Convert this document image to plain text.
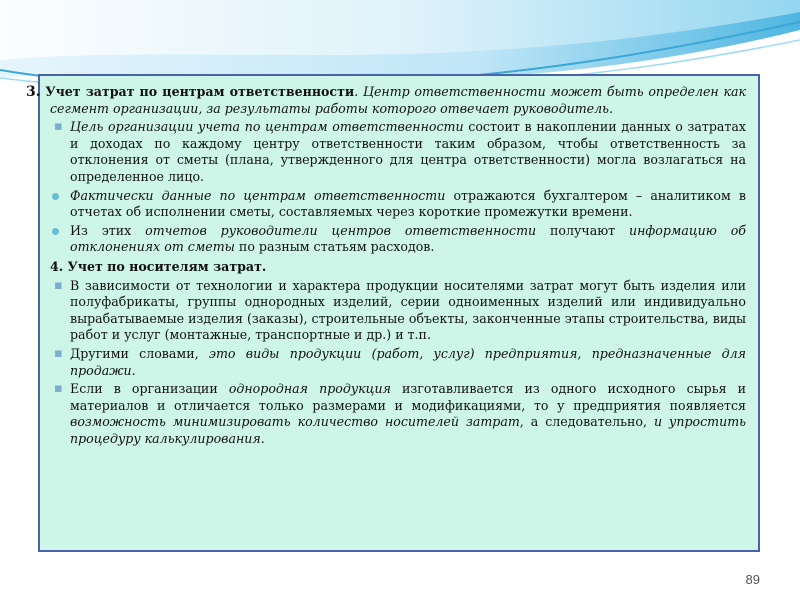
3. Учет затрат по центрам ответственности. Центр ответственности может быть определен как сегмент организации, за результаты работы которого отвечает руководитель.

▪ Цель организации учета по центрам ответственности состоит в накоплении данных о затратах и доходах по каждому центру ответственности таким образом, чтобы ответственность за отклонения от сметы (плана, утвержденного для центра ответственности) могла возлагаться на определенное лицо.

Фактически данные по центрам ответственности отражаются бухгалтером – аналитиком в отчетах об исполнении сметы, составляемых через короткие промежутки времени.

Из этих отчетов руководители центров ответственности получают информацию об отклонениях от сметы по разным статьям расходов.

4. Учет по носителям затрат.

▪ В зависимости от технологии и характера продукции носителями затрат могут быть изделия или полуфабрикаты, группы однородных изделий, серии одноименных изделий или индивидуально вырабатываемые изделия (заказы), строительные объекты, законченные этапы строительства, виды работ и услуг (монтажные, транспортные и др.) и т.п.

▪ Другими словами, это виды продукции (работ, услуг) предприятия, предназначенные для продажи.

▪ Если в организации однородная продукция изготавливается из одного исходного сырья и материалов и отличается только размерами и модификациями, то у предприятия появляется возможность минимизировать количество носителей затрат, а следовательно, и упростить процедуру калькулирования.

89
